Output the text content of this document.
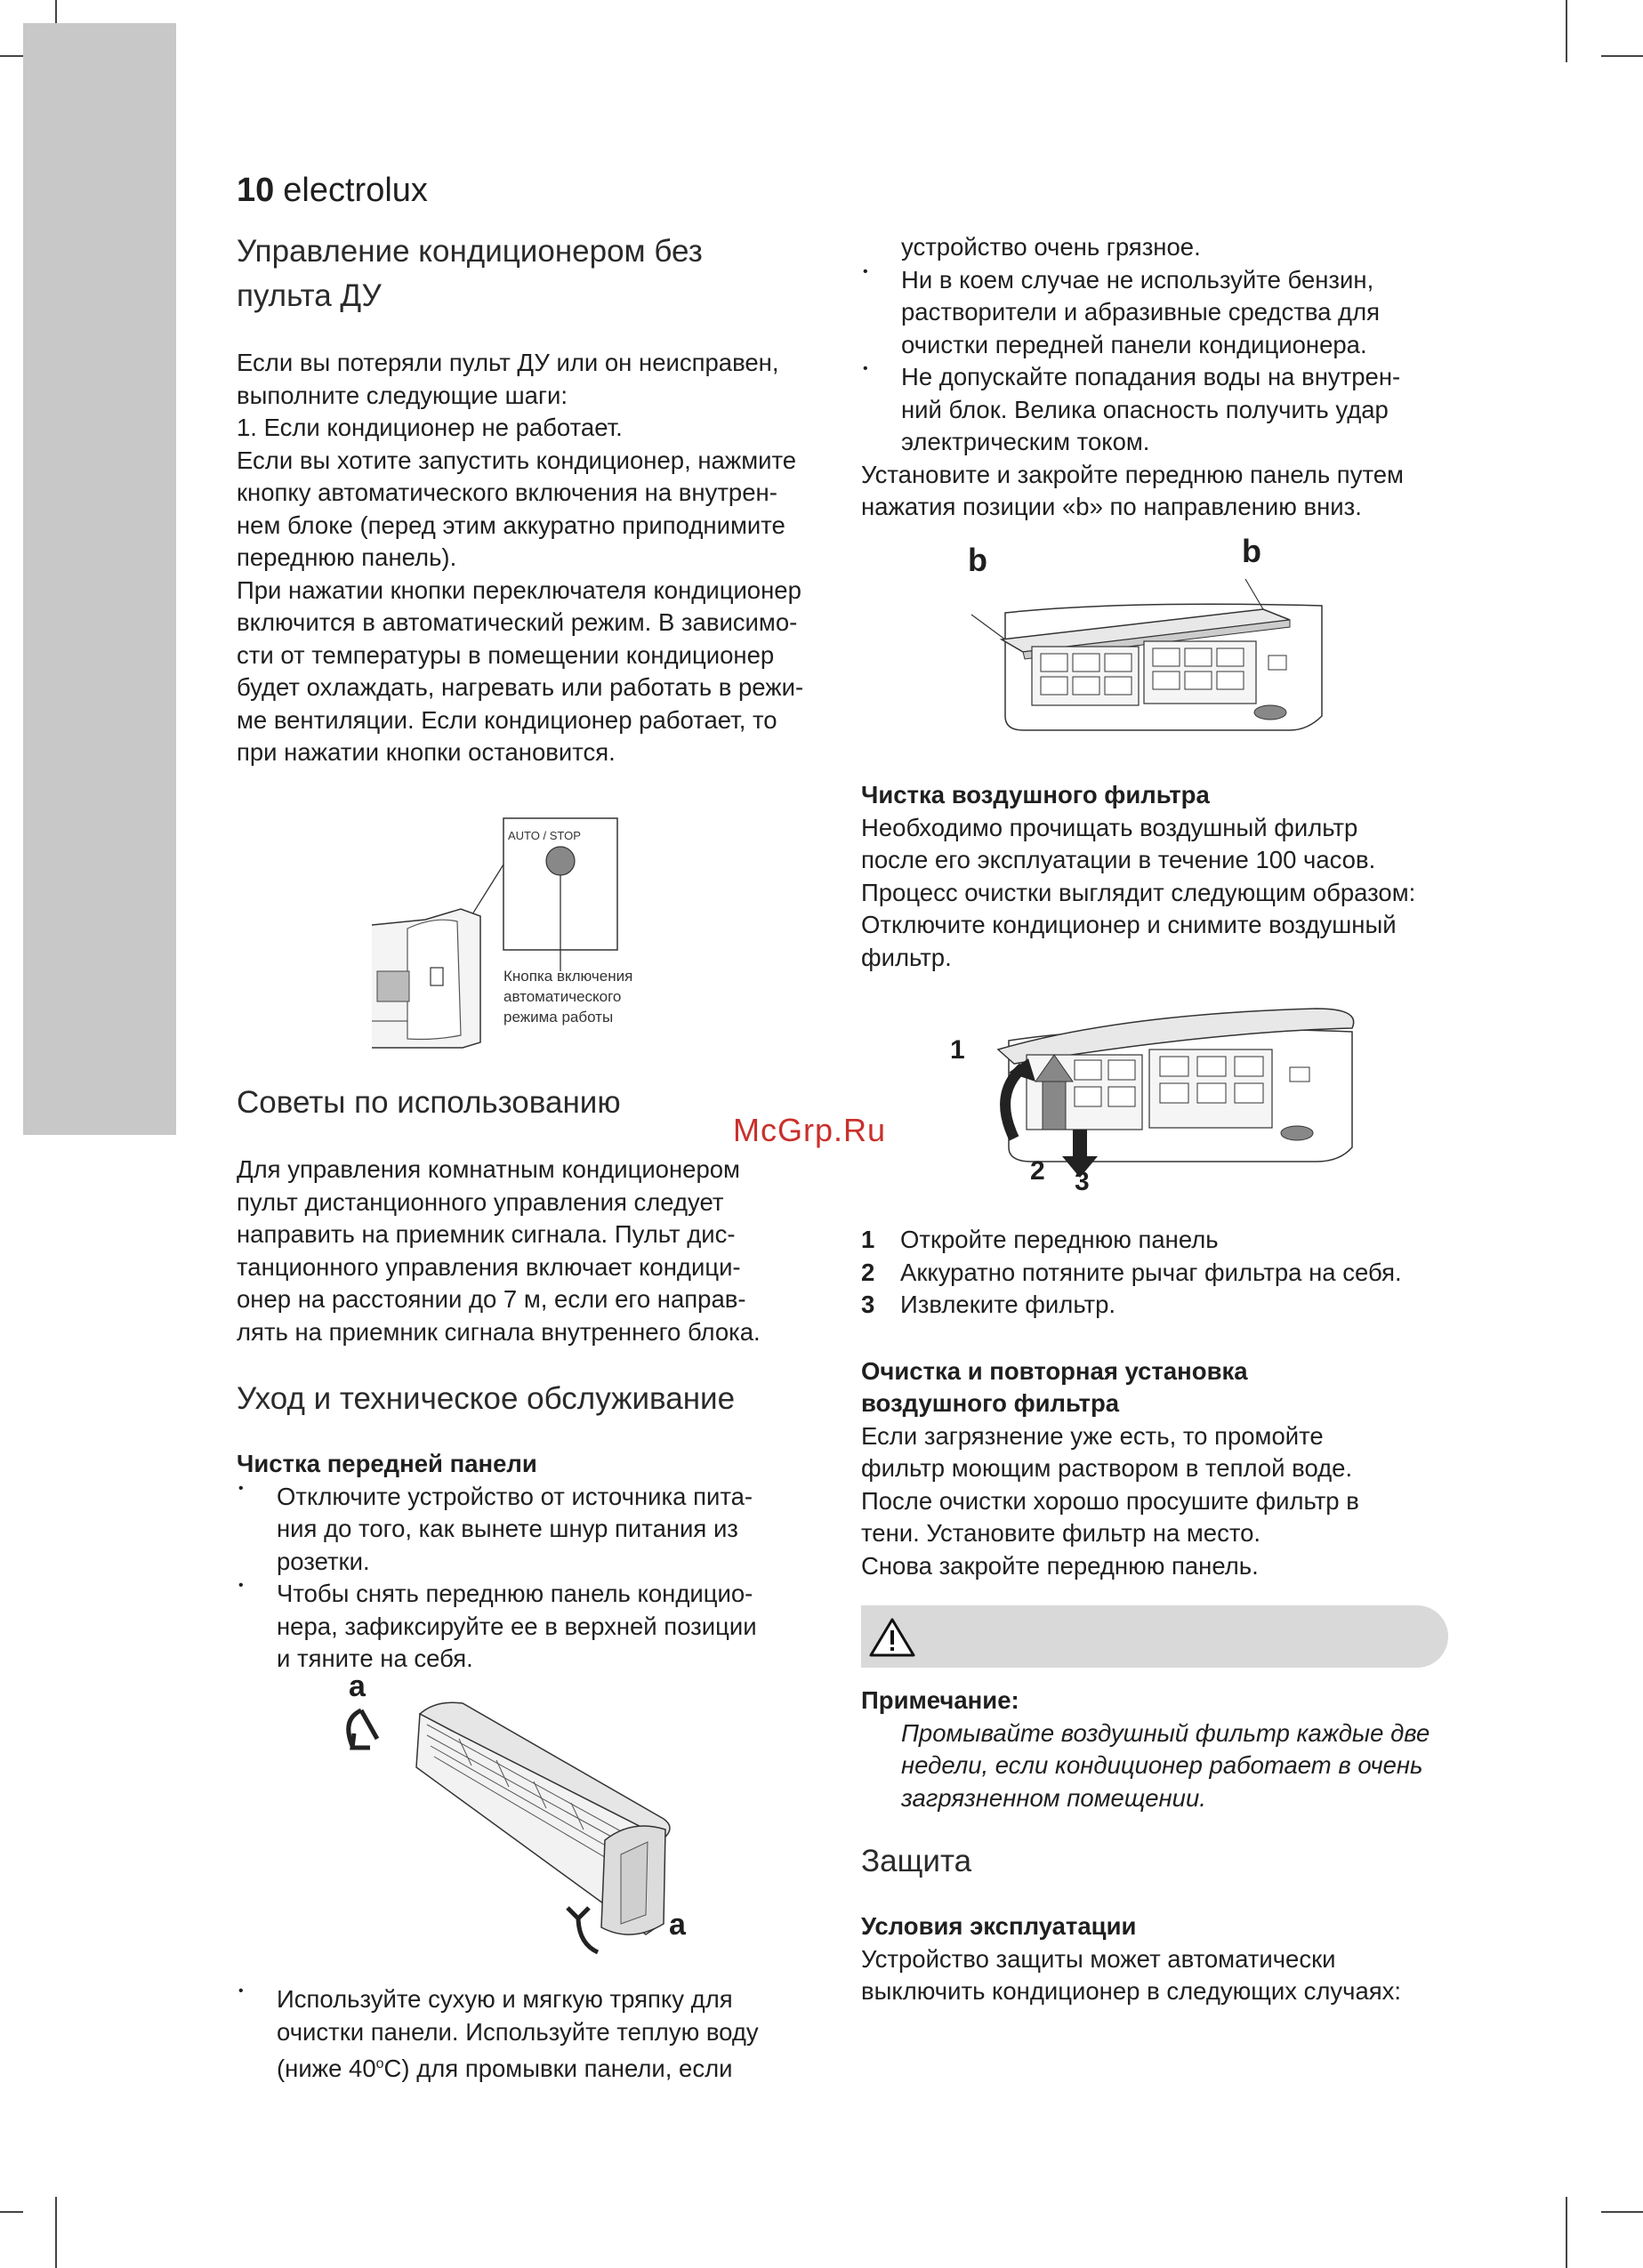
10 electrolux
McGrp.Ru
Управление кондиционером без
пульта ДУ

Если вы потеряли пульт ДУ или он неисправен,

выполните следующие шаги:

1. Если кондиционер не работает.

Если вы хотите запустить кондиционер, нажмите

кнопку автоматического включения на внутрен-

нем блоке (перед этим аккуратно приподнимите

переднюю панель).

При нажатии кнопки переключателя кондиционер

включится в автоматический режим. В зависимо-

сти от температуры в помещении кондиционер

будет охлаждать, нагревать или работать в режи-

ме вентиляции. Если кондиционер работает, то

при нажатии кнопки остановится.

AUTO / STOP
Кнопка включения
автоматического
режима работы
Советы по использованию

Для управления комнатным кондиционером

пульт дистанционного управления следует

направить на приемник сигнала. Пульт дис-

танционного управления включает кондици-

онер на расстоянии до 7 м, если его направ-

лять на приемник сигнала внутреннего блока.

Уход и техническое обслуживание

Чистка передней панели

• Отключите устройство от источника пита-

ния до того, как вынете шнур питания из

розетки.

• Чтобы снять переднюю панель кондицио-

нера, зафиксируйте ее в верхней позиции

и тяните на себя.

a
a

• Используйте сухую и мягкую тряпку для

очистки панели. Используйте теплую воду

(ниже 40$^o$C) для промывки панели, если

устройство очень грязное.

• Ни в коем случае не используйте бензин,

растворители и абразивные средства для

очистки передней панели кондиционера.

• Не допускайте попадания воды на внутрен-

ний блок. Велика опасность получить удар

электрическим током.

Установите и закройте переднюю панель путем

нажатия позиции «b» по направлению вниз.

b	b

Чистка воздушного фильтра

Необходимо прочищать воздушный фильтр

после его эксплуатации в течение 100 часов.

Процесс очистки выглядит следующим образом:

Отключите кондиционер и снимите воздушный

фильтр.

1
2 3

1 Откройте переднюю панель

2 Аккуратно потяните рычаг фильтра на себя.

3 Извлеките фильтр.

Очистка и повторная установка

воздушного фильтра

Если загрязнение уже есть, то промойте

фильтр моющим раствором в теплой воде.

После очистки хорошо просушите фильтр в

тени. Установите фильтр на место.

Снова закройте переднюю панель.

Примечание:

Промывайте воздушный фильтр каждые две

недели, если кондиционер работает в очень

загрязненном помещении.

Защита

Условия эксплуатации

Устройство защиты может автоматически

выключить кондиционер в следующих случаях:
